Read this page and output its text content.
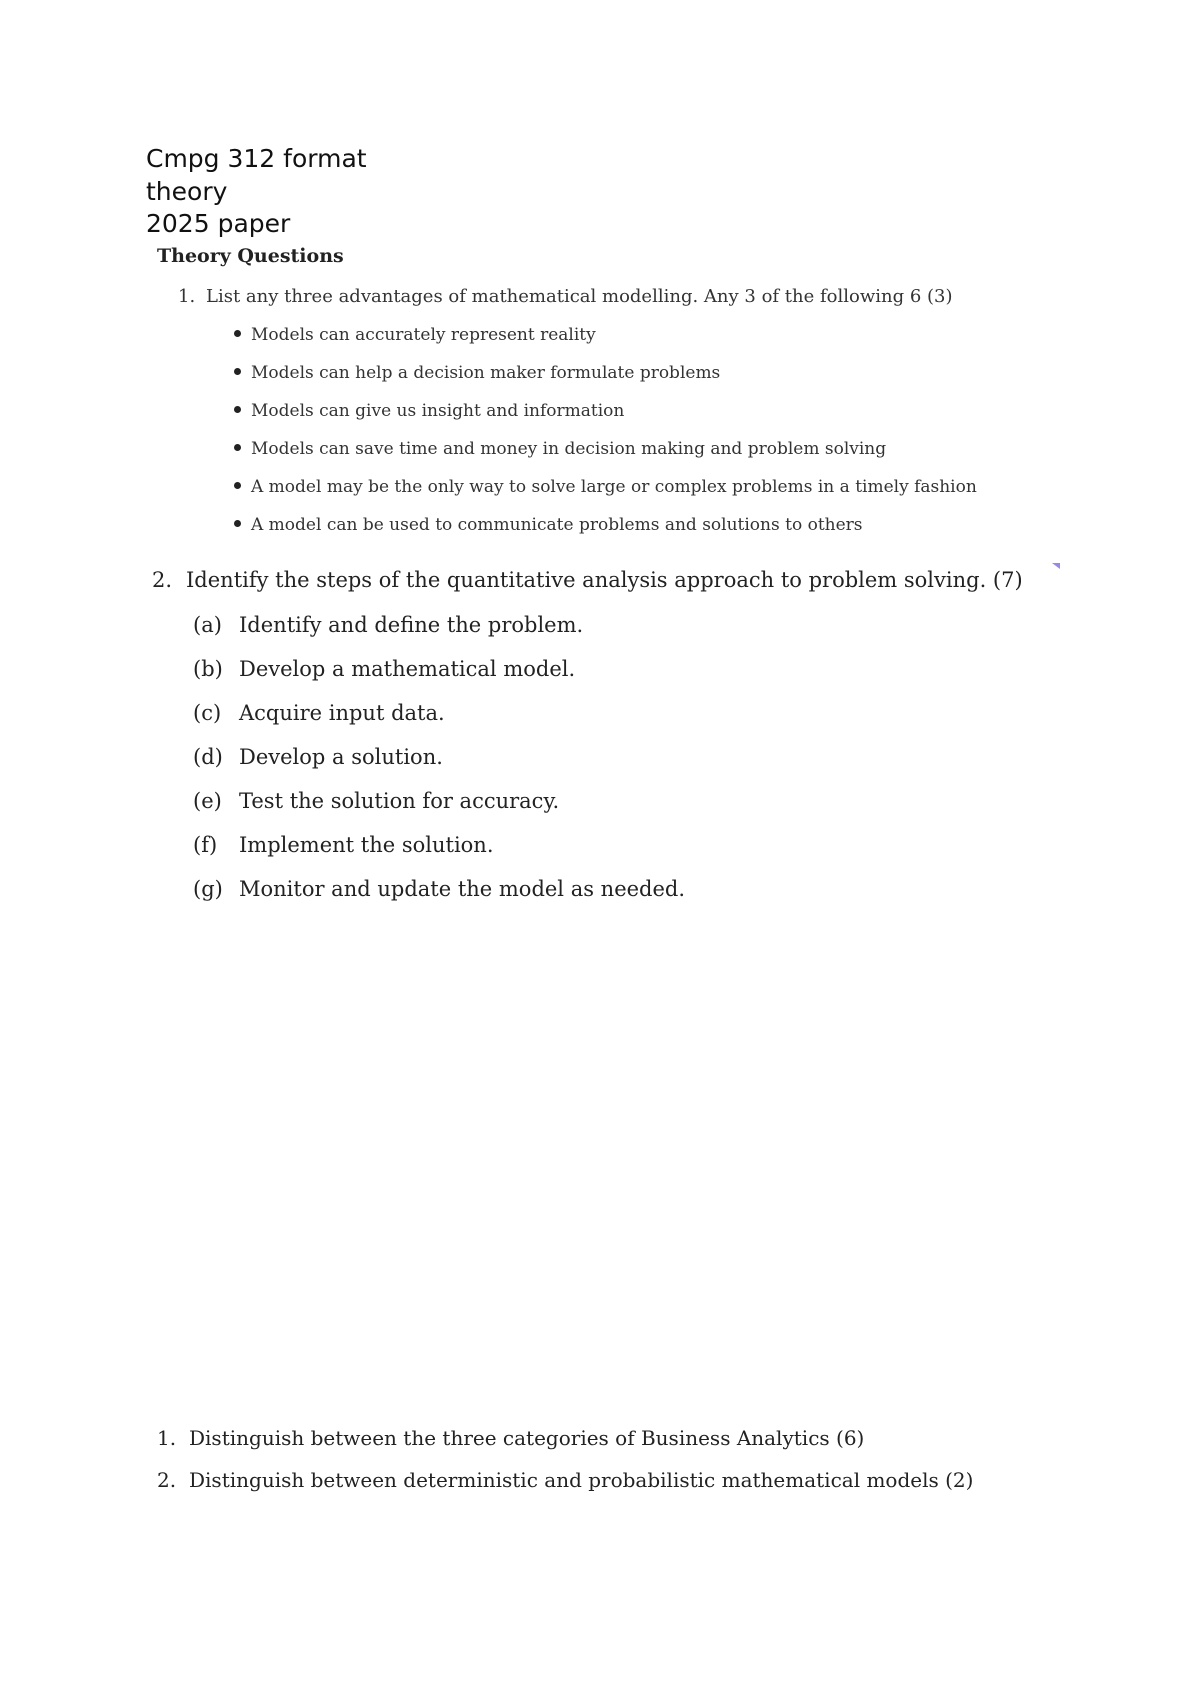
Cmpg 312 format
theory
2025 paper
Theory Questions
1. List any three advantages of mathematical modelling. Any 3 of the following 6 (3)
Models can accurately represent reality
Models can help a decision maker formulate problems
Models can give us insight and information
Models can save time and money in decision making and problem solving
A model may be the only way to solve large or complex problems in a timely fashion
A model can be used to communicate problems and solutions to others
2. Identify the steps of the quantitative analysis approach to problem solving. (7)
(a) Identify and define the problem.
(b) Develop a mathematical model.
(c) Acquire input data.
(d) Develop a solution.
(e) Test the solution for accuracy.
(f) Implement the solution.
(g) Monitor and update the model as needed.
1. Distinguish between the three categories of Business Analytics (6)
2. Distinguish between deterministic and probabilistic mathematical models (2)
